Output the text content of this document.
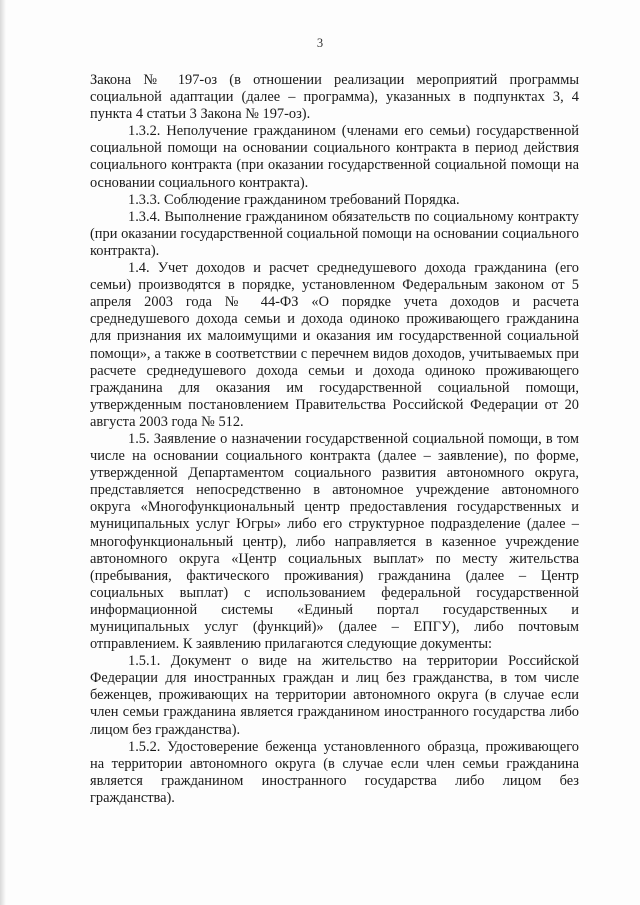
3

Закона № 197-оз (в отношении реализации мероприятий программы социальной адаптации (далее – программа), указанных в подпунктах 3, 4 пункта 4 статьи 3 Закона № 197-оз).

1.3.2. Неполучение гражданином (членами его семьи) государственной социальной помощи на основании социального контракта в период действия социального контракта (при оказании государственной социальной помощи на основании социального контракта).

1.3.3. Соблюдение гражданином требований Порядка.

1.3.4. Выполнение гражданином обязательств по социальному контракту (при оказании государственной социальной помощи на основании социального контракта).

1.4. Учет доходов и расчет среднедушевого дохода гражданина (его семьи) производятся в порядке, установленном Федеральным законом от 5 апреля 2003 года № 44-ФЗ «О порядке учета доходов и расчета среднедушевого дохода семьи и дохода одиноко проживающего гражданина для признания их малоимущими и оказания им государственной социальной помощи», а также в соответствии с перечнем видов доходов, учитываемых при расчете среднедушевого дохода семьи и дохода одиноко проживающего гражданина для оказания им государственной социальной помощи, утвержденным постановлением Правительства Российской Федерации от 20 августа 2003 года № 512.

1.5. Заявление о назначении государственной социальной помощи, в том числе на основании социального контракта (далее – заявление), по форме, утвержденной Департаментом социального развития автономного округа, представляется непосредственно в автономное учреждение автономного округа «Многофункциональный центр предоставления государственных и муниципальных услуг Югры» либо его структурное подразделение (далее – многофункциональный центр), либо направляется в казенное учреждение автономного округа «Центр социальных выплат» по месту жительства (пребывания, фактического проживания) гражданина (далее – Центр социальных выплат) с использованием федеральной государственной информационной системы «Единый портал государственных и муниципальных услуг (функций)» (далее – ЕПГУ), либо почтовым отправлением. К заявлению прилагаются следующие документы:

1.5.1. Документ о виде на жительство на территории Российской Федерации для иностранных граждан и лиц без гражданства, в том числе беженцев, проживающих на территории автономного округа (в случае если член семьи гражданина является гражданином иностранного государства либо лицом без гражданства).

1.5.2. Удостоверение беженца установленного образца, проживающего на территории автономного округа (в случае если член семьи гражданина является гражданином иностранного государства либо лицом без гражданства).
